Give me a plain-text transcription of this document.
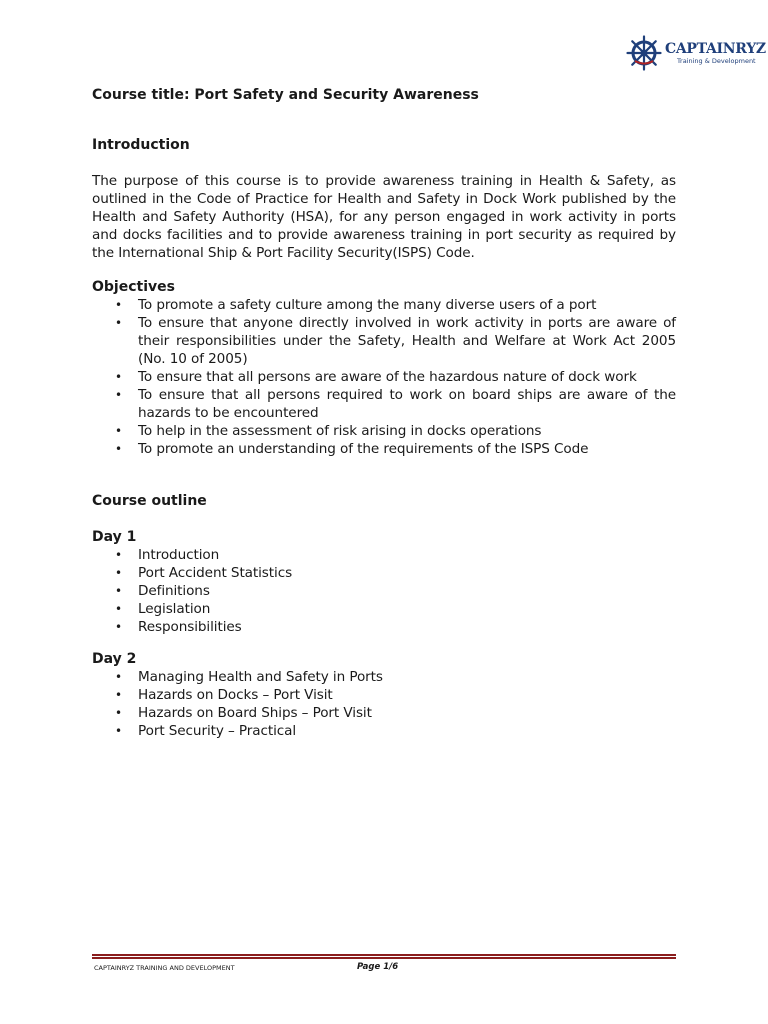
CAPTAINRYZ
Training & Development
Course title: Port Safety and Security Awareness
Introduction

The purpose of this course is to provide awareness training in Health & Safety, as outlined in the Code of Practice for Health and Safety in Dock Work published by the Health and Safety Authority (HSA), for any person engaged in work activity in ports and docks facilities and to provide awareness training in port security as required by the International Ship & Port Facility Security(ISPS) Code.

Objectives
• To promote a safety culture among the many diverse users of a port
• To ensure that anyone directly involved in work activity in ports are aware of their responsibilities under the Safety, Health and Welfare at Work Act 2005 (No. 10 of 2005)
• To ensure that all persons are aware of the hazardous nature of dock work
• To ensure that all persons required to work on board ships are aware of the hazards to be encountered
• To help in the assessment of risk arising in docks operations
• To promote an understanding of the requirements of the ISPS Code
Course outline
Day 1
• Introduction
• Port Accident Statistics
• Definitions
• Legislation
• Responsibilities
Day 2
• Managing Health and Safety in Ports
• Hazards on Docks – Port Visit
• Hazards on Board Ships – Port Visit
• Port Security – Practical
CAPTAINRYZ TRAINING AND DEVELOPMENT	Page 1/6
